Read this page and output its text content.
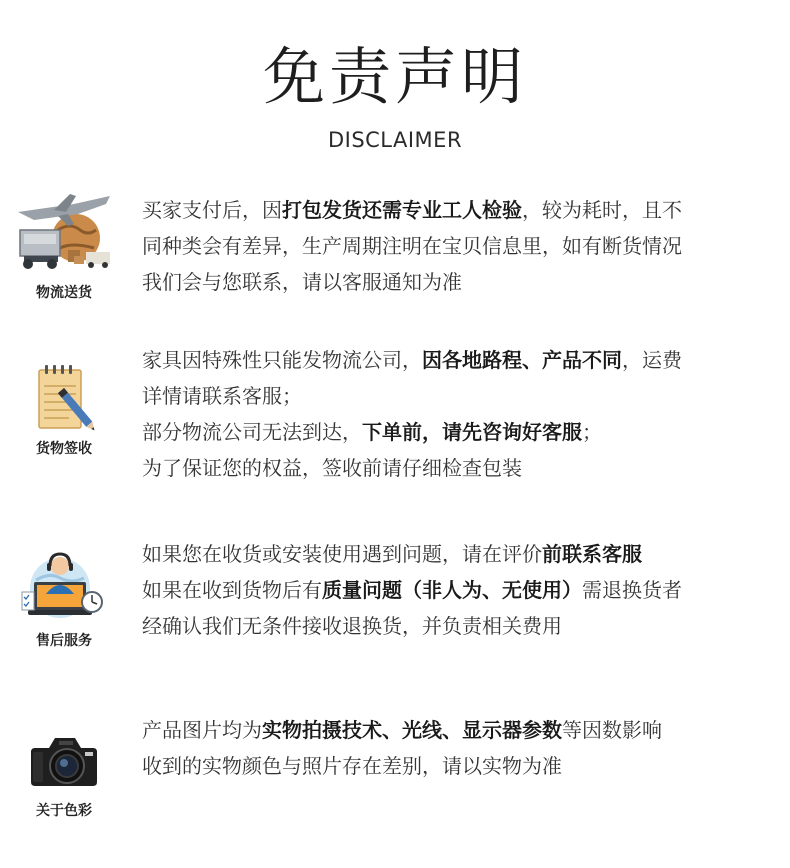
免责声明
DISCLAIMER
物流送货
买家支付后，因打包发货还需专业工人检验，较为耗时，且不
同种类会有差异，生产周期注明在宝贝信息里，如有断货情况
我们会与您联系，请以客服通知为准
货物签收
家具因特殊性只能发物流公司，因各地路程、产品不同，运费
详情请联系客服；
部分物流公司无法到达，下单前，请先咨询好客服；
为了保证您的权益，签收前请仔细检查包装
售后服务
如果您在收货或安装使用遇到问题，请在评价前联系客服
如果在收到货物后有质量问题（非人为、无使用）需退换货者
经确认我们无条件接收退换货，并负责相关费用
关于色彩
产品图片均为实物拍摄技术、光线、显示器参数等因数影响
收到的实物颜色与照片存在差别，请以实物为准
